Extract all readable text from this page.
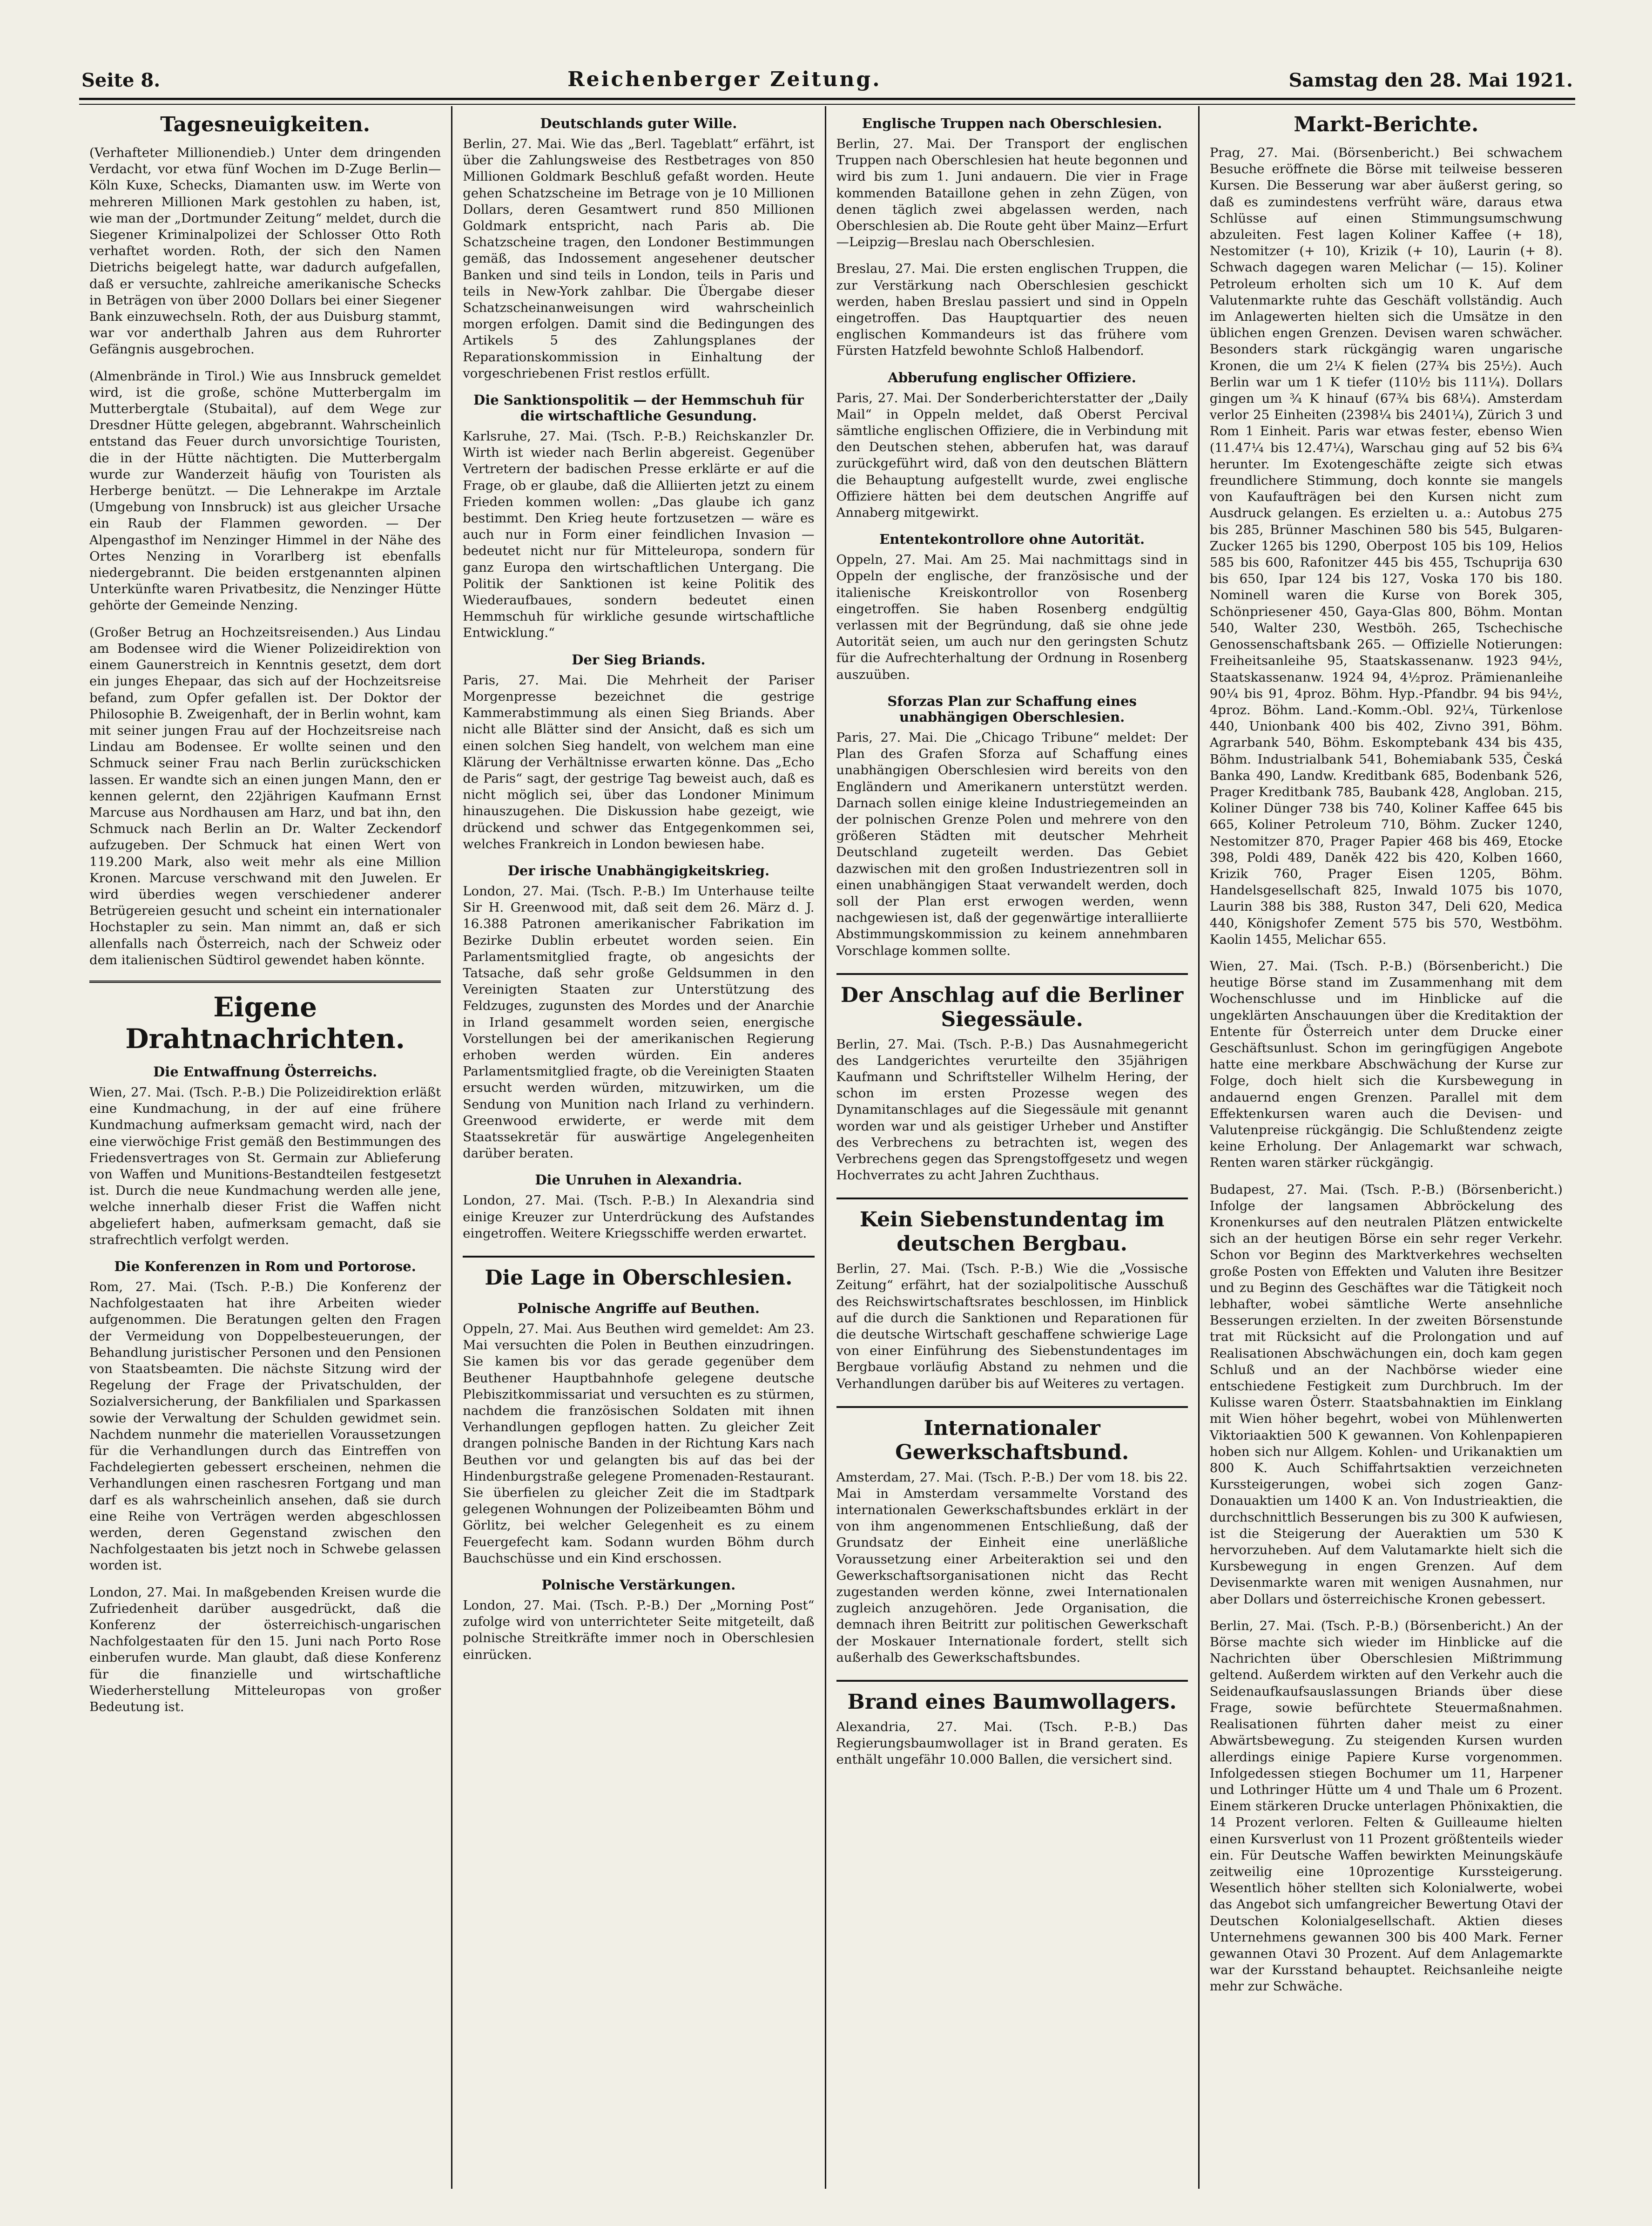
Seite 8.	Reichenberger Zeitung.	Samstag den 28. Mai 1921.
Tagesneuigkeiten.

(Verhafteter Millionendieb.) Unter dem dringenden Verdacht, vor etwa fünf Wochen im D-Zuge Berlin—Köln Kuxe, Schecks, Diamanten usw. im Werte von mehreren Millionen Mark gestohlen zu haben, ist, wie man der „Dortmunder Zeitung“ meldet, durch die Siegener Kriminalpolizei der Schlosser Otto Roth verhaftet worden. Roth, der sich den Namen Dietrichs beigelegt hatte, war dadurch aufgefallen, daß er versuchte, zahlreiche amerikanische Schecks in Beträgen von über 2000 Dollars bei einer Siegener Bank einzuwechseln. Roth, der aus Duisburg stammt, war vor anderthalb Jahren aus dem Ruhrorter Gefängnis ausgebrochen.

(Almenbrände in Tirol.) Wie aus Innsbruck gemeldet wird, ist die große, schöne Mutterbergalm im Mutterbergtale (Stubaital), auf dem Wege zur Dresdner Hütte gelegen, abgebrannt. Wahrscheinlich entstand das Feuer durch unvorsichtige Touristen, die in der Hütte nächtigten. Die Mutterbergalm wurde zur Wanderzeit häufig von Touristen als Herberge benützt. — Die Lehnerakpe im Arztale (Umgebung von Innsbruck) ist aus gleicher Ursache ein Raub der Flammen geworden. — Der Alpengasthof im Nenzinger Himmel in der Nähe des Ortes Nenzing in Vorarlberg ist ebenfalls niedergebrannt. Die beiden erstgenannten alpinen Unterkünfte waren Privatbesitz, die Nenzinger Hütte gehörte der Gemeinde Nenzing.

(Großer Betrug an Hochzeitsreisenden.) Aus Lindau am Bodensee wird die Wiener Polizeidirektion von einem Gaunerstreich in Kenntnis gesetzt, dem dort ein junges Ehepaar, das sich auf der Hochzeitsreise befand, zum Opfer gefallen ist. Der Doktor der Philosophie B. Zweigenhaft, der in Berlin wohnt, kam mit seiner jungen Frau auf der Hochzeitsreise nach Lindau am Bodensee. Er wollte seinen und den Schmuck seiner Frau nach Berlin zurückschicken lassen. Er wandte sich an einen jungen Mann, den er kennen gelernt, den 22jährigen Kaufmann Ernst Marcuse aus Nordhausen am Harz, und bat ihn, den Schmuck nach Berlin an Dr. Walter Zeckendorf aufzugeben. Der Schmuck hat einen Wert von 119.200 Mark, also weit mehr als eine Million Kronen. Marcuse verschwand mit den Juwelen. Er wird überdies wegen verschiedener anderer Betrügereien gesucht und scheint ein internationaler Hochstapler zu sein. Man nimmt an, daß er sich allenfalls nach Österreich, nach der Schweiz oder dem italienischen Südtirol gewendet haben könnte.

Eigene Drahtnachrichten.
Die Entwaffnung Österreichs.

Wien, 27. Mai. (Tsch. P.-B.) Die Polizeidirektion erläßt eine Kundmachung, in der auf eine frühere Kundmachung aufmerksam gemacht wird, nach der eine vierwöchige Frist gemäß den Bestimmungen des Friedensvertrages von St. Germain zur Ablieferung von Waffen und Munitions-Bestandteilen festgesetzt ist. Durch die neue Kundmachung werden alle jene, welche innerhalb dieser Frist die Waffen nicht abgeliefert haben, aufmerksam gemacht, daß sie strafrechtlich verfolgt werden.

Die Konferenzen in Rom und Portorose.

Rom, 27. Mai. (Tsch. P.-B.) Die Konferenz der Nachfolgestaaten hat ihre Arbeiten wieder aufgenommen. Die Beratungen gelten den Fragen der Vermeidung von Doppelbesteuerungen, der Behandlung juristischer Personen und den Pensionen von Staatsbeamten. Die nächste Sitzung wird der Regelung der Frage der Privatschulden, der Sozialversicherung, der Bankfilialen und Sparkassen sowie der Verwaltung der Schulden gewidmet sein. Nachdem nunmehr die materiellen Voraussetzungen für die Verhandlungen durch das Eintreffen von Fachdelegierten gebessert erscheinen, nehmen die Verhandlungen einen raschesren Fortgang und man darf es als wahrscheinlich ansehen, daß sie durch eine Reihe von Verträgen werden abgeschlossen werden, deren Gegenstand zwischen den Nachfolgestaaten bis jetzt noch in Schwebe gelassen worden ist.

London, 27. Mai. In maßgebenden Kreisen wurde die Zufriedenheit darüber ausgedrückt, daß die Konferenz der österreichisch-ungarischen Nachfolgestaaten für den 15. Juni nach Porto Rose einberufen wurde. Man glaubt, daß diese Konferenz für die finanzielle und wirtschaftliche Wiederherstellung Mitteleuropas von großer Bedeutung ist.

Deutschlands guter Wille.

Berlin, 27. Mai. Wie das „Berl. Tageblatt“ erfährt, ist über die Zahlungsweise des Restbetrages von 850 Millionen Goldmark Beschluß gefaßt worden. Heute gehen Schatzscheine im Betrage von je 10 Millionen Dollars, deren Gesamtwert rund 850 Millionen Goldmark entspricht, nach Paris ab. Die Schatzscheine tragen, den Londoner Bestimmungen gemäß, das Indossement angesehener deutscher Banken und sind teils in London, teils in Paris und teils in New-York zahlbar. Die Übergabe dieser Schatzscheinanweisungen wird wahrscheinlich morgen erfolgen. Damit sind die Bedingungen des Artikels 5 des Zahlungsplanes der Reparationskommission in Einhaltung der vorgeschriebenen Frist restlos erfüllt.

Die Sanktionspolitik — der Hemmschuh für die wirtschaftliche Gesundung.

Karlsruhe, 27. Mai. (Tsch. P.-B.) Reichskanzler Dr. Wirth ist wieder nach Berlin abgereist. Gegenüber Vertretern der badischen Presse erklärte er auf die Frage, ob er glaube, daß die Alliierten jetzt zu einem Frieden kommen wollen: „Das glaube ich ganz bestimmt. Den Krieg heute fortzusetzen — wäre es auch nur in Form einer feindlichen Invasion — bedeutet nicht nur für Mitteleuropa, sondern für ganz Europa den wirtschaftlichen Untergang. Die Politik der Sanktionen ist keine Politik des Wiederaufbaues, sondern bedeutet einen Hemmschuh für wirkliche gesunde wirtschaftliche Entwicklung.“

Der Sieg Briands.

Paris, 27. Mai. Die Mehrheit der Pariser Morgenpresse bezeichnet die gestrige Kammerabstimmung als einen Sieg Briands. Aber nicht alle Blätter sind der Ansicht, daß es sich um einen solchen Sieg handelt, von welchem man eine Klärung der Verhältnisse erwarten könne. Das „Echo de Paris“ sagt, der gestrige Tag beweist auch, daß es nicht möglich sei, über das Londoner Minimum hinauszugehen. Die Diskussion habe gezeigt, wie drückend und schwer das Entgegenkommen sei, welches Frankreich in London bewiesen habe.

Der irische Unabhängigkeitskrieg.

London, 27. Mai. (Tsch. P.-B.) Im Unterhause teilte Sir H. Greenwood mit, daß seit dem 26. März d. J. 16.388 Patronen amerikanischer Fabrikation im Bezirke Dublin erbeutet worden seien. Ein Parlamentsmitglied fragte, ob angesichts der Tatsache, daß sehr große Geldsummen in den Vereinigten Staaten zur Unterstützung des Feldzuges, zugunsten des Mordes und der Anarchie in Irland gesammelt worden seien, energische Vorstellungen bei der amerikanischen Regierung erhoben werden würden. Ein anderes Parlamentsmitglied fragte, ob die Vereinigten Staaten ersucht werden würden, mitzuwirken, um die Sendung von Munition nach Irland zu verhindern. Greenwood erwiderte, er werde mit dem Staatssekretär für auswärtige Angelegenheiten darüber beraten.

Die Unruhen in Alexandria.

London, 27. Mai. (Tsch. P.-B.) In Alexandria sind einige Kreuzer zur Unterdrückung des Aufstandes eingetroffen. Weitere Kriegsschiffe werden erwartet.

Die Lage in Oberschlesien.
Polnische Angriffe auf Beuthen.

Oppeln, 27. Mai. Aus Beuthen wird gemeldet: Am 23. Mai versuchten die Polen in Beuthen einzudringen. Sie kamen bis vor das gerade gegenüber dem Beuthener Hauptbahnhofe gelegene deutsche Plebiszitkommissariat und versuchten es zu stürmen, nachdem die französischen Soldaten mit ihnen Verhandlungen gepflogen hatten. Zu gleicher Zeit drangen polnische Banden in der Richtung Kars nach Beuthen vor und gelangten bis auf das bei der Hindenburgstraße gelegene Promenaden-Restaurant. Sie überfielen zu gleicher Zeit die im Stadtpark gelegenen Wohnungen der Polizeibeamten Böhm und Görlitz, bei welcher Gelegenheit es zu einem Feuergefecht kam. Sodann wurden Böhm durch Bauchschüsse und ein Kind erschossen.

Polnische Verstärkungen.

London, 27. Mai. (Tsch. P.-B.) Der „Morning Post“ zufolge wird von unterrichteter Seite mitgeteilt, daß polnische Streitkräfte immer noch in Oberschlesien einrücken.

Englische Truppen nach Oberschlesien.

Berlin, 27. Mai. Der Transport der englischen Truppen nach Oberschlesien hat heute begonnen und wird bis zum 1. Juni andauern. Die vier in Frage kommenden Bataillone gehen in zehn Zügen, von denen täglich zwei abgelassen werden, nach Oberschlesien ab. Die Route geht über Mainz—Erfurt—Leipzig—Breslau nach Oberschlesien.

Breslau, 27. Mai. Die ersten englischen Truppen, die zur Verstärkung nach Oberschlesien geschickt werden, haben Breslau passiert und sind in Oppeln eingetroffen. Das Hauptquartier des neuen englischen Kommandeurs ist das frühere vom Fürsten Hatzfeld bewohnte Schloß Halbendorf.

Abberufung englischer Offiziere.

Paris, 27. Mai. Der Sonderberichterstatter der „Daily Mail“ in Oppeln meldet, daß Oberst Percival sämtliche englischen Offiziere, die in Verbindung mit den Deutschen stehen, abberufen hat, was darauf zurückgeführt wird, daß von den deutschen Blättern die Behauptung aufgestellt wurde, zwei englische Offiziere hätten bei dem deutschen Angriffe auf Annaberg mitgewirkt.

Ententekontrollore ohne Autorität.

Oppeln, 27. Mai. Am 25. Mai nachmittags sind in Oppeln der englische, der französische und der italienische Kreiskontrollor von Rosenberg eingetroffen. Sie haben Rosenberg endgültig verlassen mit der Begründung, daß sie ohne jede Autorität seien, um auch nur den geringsten Schutz für die Aufrechterhaltung der Ordnung in Rosenberg auszuüben.

Sforzas Plan zur Schaffung eines unabhängigen Oberschlesien.

Paris, 27. Mai. Die „Chicago Tribune“ meldet: Der Plan des Grafen Sforza auf Schaffung eines unabhängigen Oberschlesien wird bereits von den Engländern und Amerikanern unterstützt werden. Darnach sollen einige kleine Industriegemeinden an der polnischen Grenze Polen und mehrere von den größeren Städten mit deutscher Mehrheit Deutschland zugeteilt werden. Das Gebiet dazwischen mit den großen Industriezentren soll in einen unabhängigen Staat verwandelt werden, doch soll der Plan erst erwogen werden, wenn nachgewiesen ist, daß der gegenwärtige interalliierte Abstimmungskommission zu keinem annehmbaren Vorschlage kommen sollte.

Der Anschlag auf die Berliner Siegessäule.

Berlin, 27. Mai. (Tsch. P.-B.) Das Ausnahmegericht des Landgerichtes verurteilte den 35jährigen Kaufmann und Schriftsteller Wilhelm Hering, der schon im ersten Prozesse wegen des Dynamitanschlages auf die Siegessäule mit genannt worden war und als geistiger Urheber und Anstifter des Verbrechens zu betrachten ist, wegen des Verbrechens gegen das Sprengstoffgesetz und wegen Hochverrates zu acht Jahren Zuchthaus.

Kein Siebenstundentag im deutschen Bergbau.

Berlin, 27. Mai. (Tsch. P.-B.) Wie die „Vossische Zeitung“ erfährt, hat der sozialpolitische Ausschuß des Reichswirtschaftsrates beschlossen, im Hinblick auf die durch die Sanktionen und Reparationen für die deutsche Wirtschaft geschaffene schwierige Lage von einer Einführung des Siebenstundentages im Bergbaue vorläufig Abstand zu nehmen und die Verhandlungen darüber bis auf Weiteres zu vertagen.

Internationaler Gewerkschaftsbund.

Amsterdam, 27. Mai. (Tsch. P.-B.) Der vom 18. bis 22. Mai in Amsterdam versammelte Vorstand des internationalen Gewerkschaftsbundes erklärt in der von ihm angenommenen Entschließung, daß der Grundsatz der Einheit eine unerläßliche Voraussetzung einer Arbeiteraktion sei und den Gewerkschaftsorganisationen nicht das Recht zugestanden werden könne, zwei Internationalen zugleich anzugehören. Jede Organisation, die demnach ihren Beitritt zur politischen Gewerkschaft der Moskauer Internationale fordert, stellt sich außerhalb des Gewerkschaftsbundes.

Brand eines Baumwollagers.

Alexandria, 27. Mai. (Tsch. P.-B.) Das Regierungsbaumwollager ist in Brand geraten. Es enthält ungefähr 10.000 Ballen, die versichert sind.

Markt-Berichte.

Prag, 27. Mai. (Börsenbericht.) Bei schwachem Besuche eröffnete die Börse mit teilweise besseren Kursen. Die Besserung war aber äußerst gering, so daß es zumindestens verfrüht wäre, daraus etwa Schlüsse auf einen Stimmungsumschwung abzuleiten. Fest lagen Koliner Kaffee (+ 18), Nestomitzer (+ 10), Krizik (+ 10), Laurin (+ 8). Schwach dagegen waren Melichar (— 15). Koliner Petroleum erholten sich um 10 K. Auf dem Valutenmarkte ruhte das Geschäft vollständig. Auch im Anlagewerten hielten sich die Umsätze in den üblichen engen Grenzen. Devisen waren schwächer. Besonders stark rückgängig waren ungarische Kronen, die um 2¼ K fielen (27¾ bis 25½). Auch Berlin war um 1 K tiefer (110½ bis 111¼). Dollars gingen um ¾ K hinauf (67¾ bis 68¼). Amsterdam verlor 25 Einheiten (2398¼ bis 2401¼), Zürich 3 und Rom 1 Einheit. Paris war etwas fester, ebenso Wien (11.47¼ bis 12.47¼), Warschau ging auf 52 bis 6¾ herunter. Im Exotengeschäfte zeigte sich etwas freundlichere Stimmung, doch konnte sie mangels von Kaufaufträgen bei den Kursen nicht zum Ausdruck gelangen. Es erzielten u. a.: Autobus 275 bis 285, Brünner Maschinen 580 bis 545, Bulgaren-Zucker 1265 bis 1290, Oberpost 105 bis 109, Helios 585 bis 600, Rafonitzer 445 bis 455, Tschuprija 630 bis 650, Ipar 124 bis 127, Voska 170 bis 180. Nominell waren die Kurse von Borek 305, Schönpriesener 450, Gaya-Glas 800, Böhm. Montan 540, Walter 230, Westböh. 265, Tschechische Genossenschaftsbank 265. — Offizielle Notierungen: Freiheitsanleihe 95, Staatskassenanw. 1923 94½, Staatskassenanw. 1924 94, 4½proz. Prämienanleihe 90¼ bis 91, 4proz. Böhm. Hyp.-Pfandbr. 94 bis 94½, 4proz. Böhm. Land.-Komm.-Obl. 92¼, Türkenlose 440, Unionbank 400 bis 402, Zivno 391, Böhm. Agrarbank 540, Böhm. Eskomptebank 434 bis 435, Böhm. Industrialbank 541, Bohemiabank 535, Česká Banka 490, Landw. Kreditbank 685, Bodenbank 526, Prager Kreditbank 785, Baubank 428, Angloban. 215, Koliner Dünger 738 bis 740, Koliner Kaffee 645 bis 665, Koliner Petroleum 710, Böhm. Zucker 1240, Nestomitzer 870, Prager Papier 468 bis 469, Etocke 398, Poldi 489, Daněk 422 bis 420, Kolben 1660, Krizik 760, Prager Eisen 1205, Böhm. Handelsgesellschaft 825, Inwald 1075 bis 1070, Laurin 388 bis 388, Ruston 347, Deli 620, Medica 440, Königshofer Zement 575 bis 570, Westböhm. Kaolin 1455, Melichar 655.

Wien, 27. Mai. (Tsch. P.-B.) (Börsenbericht.) Die heutige Börse stand im Zusammenhang mit dem Wochenschlusse und im Hinblicke auf die ungeklärten Anschauungen über die Kreditaktion der Entente für Österreich unter dem Drucke einer Geschäftsunlust. Schon im geringfügigen Angebote hatte eine merkbare Abschwächung der Kurse zur Folge, doch hielt sich die Kursbewegung in andauernd engen Grenzen. Parallel mit dem Effektenkursen waren auch die Devisen- und Valutenpreise rückgängig. Die Schlußtendenz zeigte keine Erholung. Der Anlagemarkt war schwach, Renten waren stärker rückgängig.

Budapest, 27. Mai. (Tsch. P.-B.) (Börsenbericht.) Infolge der langsamen Abbröckelung des Kronenkurses auf den neutralen Plätzen entwickelte sich an der heutigen Börse ein sehr reger Verkehr. Schon vor Beginn des Marktverkehres wechselten große Posten von Effekten und Valuten ihre Besitzer und zu Beginn des Geschäftes war die Tätigkeit noch lebhafter, wobei sämtliche Werte ansehnliche Besserungen erzielten. In der zweiten Börsenstunde trat mit Rücksicht auf die Prolongation und auf Realisationen Abschwächungen ein, doch kam gegen Schluß und an der Nachbörse wieder eine entschiedene Festigkeit zum Durchbruch. Im der Kulisse waren Österr. Staatsbahnaktien im Einklang mit Wien höher begehrt, wobei von Mühlenwerten Viktoriaaktien 500 K gewannen. Von Kohlenpapieren hoben sich nur Allgem. Kohlen- und Urikanaktien um 800 K. Auch Schiffahrtsaktien verzeichneten Kurssteigerungen, wobei sich zogen Ganz-Donauaktien um 1400 K an. Von Industrieaktien, die durchschnittlich Besserungen bis zu 300 K aufwiesen, ist die Steigerung der Aueraktien um 530 K hervorzuheben. Auf dem Valutamarkte hielt sich die Kursbewegung in engen Grenzen. Auf dem Devisenmarkte waren mit wenigen Ausnahmen, nur aber Dollars und österreichische Kronen gebessert.

Berlin, 27. Mai. (Tsch. P.-B.) (Börsenbericht.) An der Börse machte sich wieder im Hinblicke auf die Nachrichten über Oberschlesien Mißtrimmung geltend. Außerdem wirkten auf den Verkehr auch die Seidenaufkaufsauslassungen Briands über diese Frage, sowie befürchtete Steuermaßnahmen. Realisationen führten daher meist zu einer Abwärtsbewegung. Zu steigenden Kursen wurden allerdings einige Papiere Kurse vorgenommen. Infolgedessen stiegen Bochumer um 11, Harpener und Lothringer Hütte um 4 und Thale um 6 Prozent. Einem stärkeren Drucke unterlagen Phönixaktien, die 14 Prozent verloren. Felten & Guilleaume hielten einen Kursverlust von 11 Prozent größtenteils wieder ein. Für Deutsche Waffen bewirkten Meinungskäufe zeitweilig eine 10prozentige Kurssteigerung. Wesentlich höher stellten sich Kolonialwerte, wobei das Angebot sich umfangreicher Bewertung Otavi der Deutschen Kolonialgesellschaft. Aktien dieses Unternehmens gewannen 300 bis 400 Mark. Ferner gewannen Otavi 30 Prozent. Auf dem Anlagemarkte war der Kursstand behauptet. Reichsanleihe neigte mehr zur Schwäche.
